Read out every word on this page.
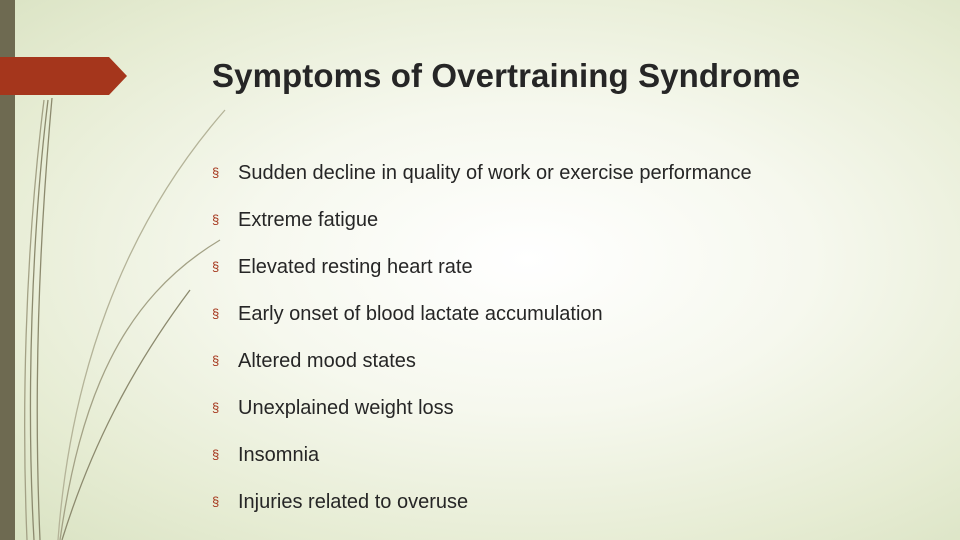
Symptoms of Overtraining Syndrome
§ Sudden decline in quality of work or exercise performance
§ Extreme fatigue
§ Elevated resting heart rate
§ Early onset of blood lactate accumulation
§ Altered mood states
§ Unexplained weight loss
§ Insomnia
§ Injuries related to overuse
